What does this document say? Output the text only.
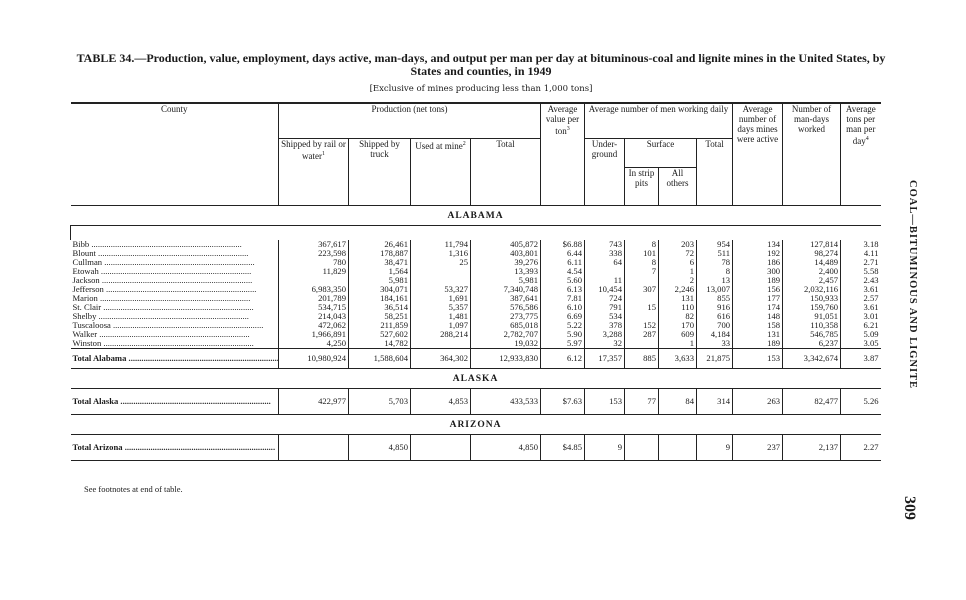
TABLE 34.—Production, value, employment, days active, man-days, and output per man per day at bituminous-coal and lignite mines in the United States, by States and counties, in 1949
[Exclusive of mines producing less than 1,000 tons]
County	Production (net tons)				Average value per ton$^3$	Average number of men working daily				Average number of days mines were active	Number of man-days worked	Average tons per man per day$^4$
	Shipped by rail or water$^1$	Shipped by truck	Used at mine$^2$	Total		Under-ground	Surface		Total			
							In strip pits	All others				
ALABAMA												

Bibb .....	367,617	26,461	11,794	405,872	$6.88	743	8	203	954	134	127,814	3.18
Blount .....	223,598	178,887	1,316	403,801	6.44	338	101	72	511	192	98,274	4.11
Cullman .....	780	38,471	25	39,276	6.11	64	8	6	78	186	14,489	2.71
Etowah .....	11,829	1,564		13,393	4.54		7	1	8	300	2,400	5.58
Jackson .....		5,981		5,981	5.60	11		2	13	189	2,457	2.43
Jefferson .....	6,983,350	304,071	53,327	7,340,748	6.13	10,454	307	2,246	13,007	156	2,032,116	3.61
Marion .....	201,789	184,161	1,691	387,641	7.81	724		131	855	177	150,933	2.57
St. Clair .....	534,715	36,514	5,357	576,586	6.10	791	15	110	916	174	159,760	3.61
Shelby .....	214,043	58,251	1,481	273,775	6.69	534		82	616	148	91,051	3.01
Tuscaloosa .....	472,062	211,859	1,097	685,018	5.22	378	152	170	700	158	110,358	6.21
Walker .....	1,966,891	527,602	288,214	2,782,707	5.90	3,288	287	609	4,184	131	546,785	5.09
Winston .....	4,250	14,782		19,032	5.97	32		1	33	189	6,237	3.05
Total Alabama .....	10,980,924	1,588,604	364,302	12,933,830	6.12	17,357	885	3,633	21,875	153	3,342,674	3.87
ALASKA												
Total Alaska .....	422,977	5,703	4,853	433,533	$7.63	153	77	84	314	263	82,477	5.26
ARIZONA												
Total Arizona .....		4,850		4,850	$4.85	9			9	237	2,137	2.27
See footnotes at end of table.
COAL—BITUMINOUS AND LIGNITE
309
